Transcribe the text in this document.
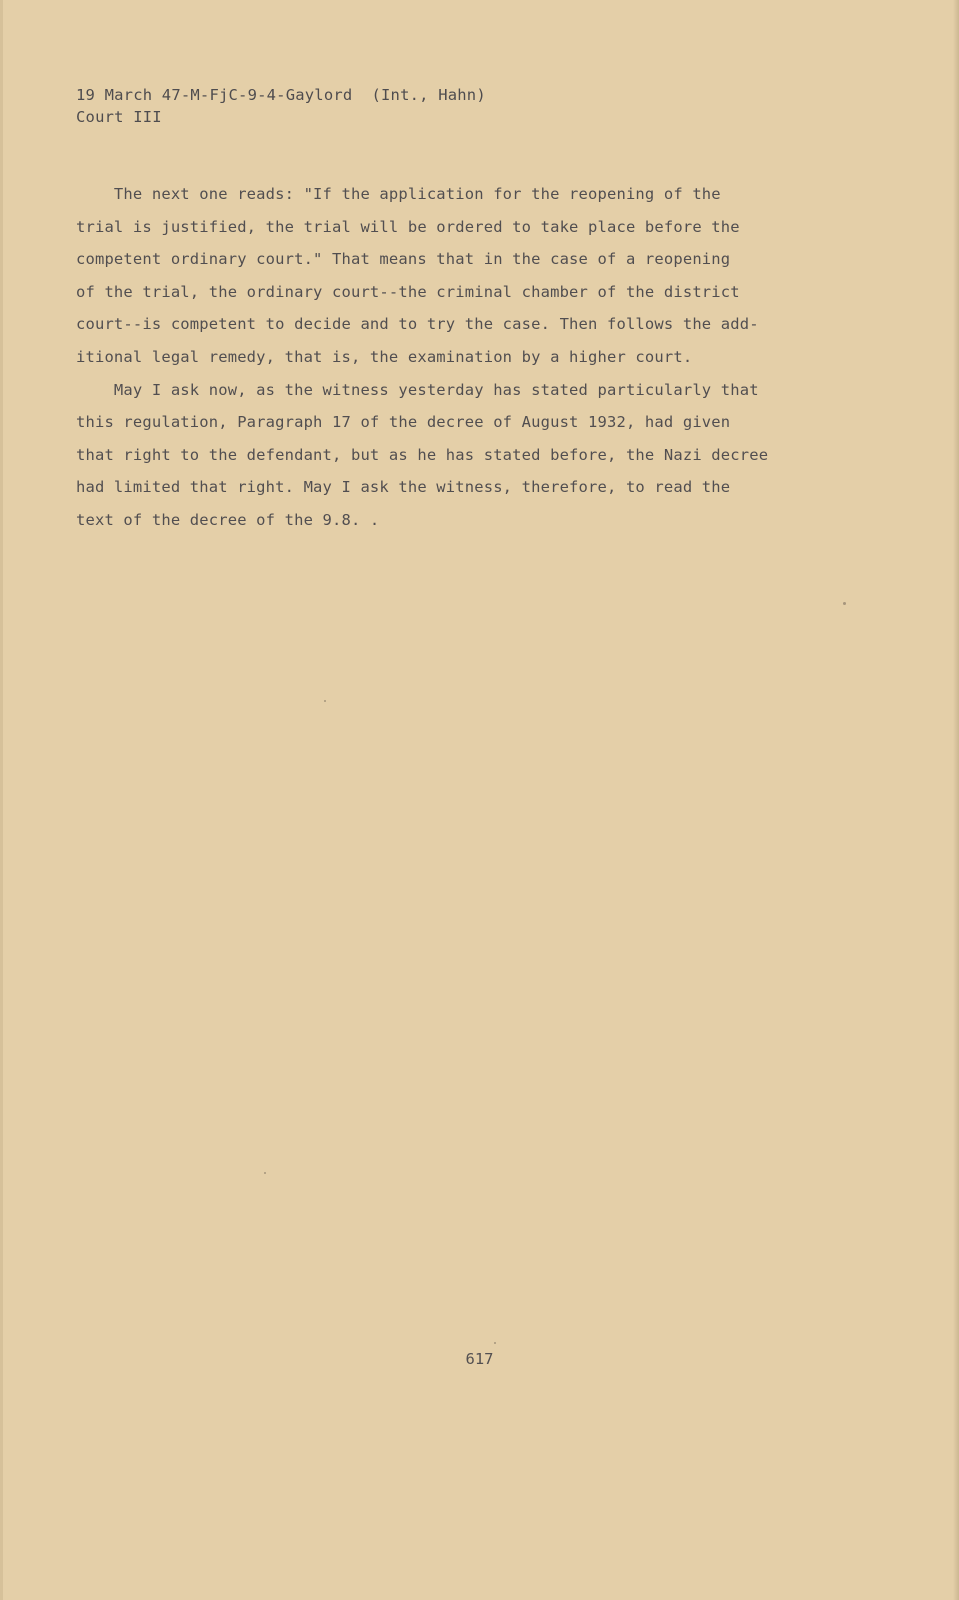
19 March 47-M-FjC-9-4-Gaylord  (Int., Hahn)
Court III
The next one reads: "If the application for the reopening of the
trial is justified, the trial will be ordered to take place before the
competent ordinary court." That means that in the case of a reopening
of the trial, the ordinary court--the criminal chamber of the district
court--is competent to decide and to try the case. Then follows the add-
itional legal remedy, that is, the examination by a higher court.
May I ask now, as the witness yesterday has stated particularly that
this regulation, Paragraph 17 of the decree of August 1932, had given
that right to the defendant, but as he has stated before, the Nazi decree
had limited that right. May I ask the witness, therefore, to read the
text of the decree of the 9.8. .
617
